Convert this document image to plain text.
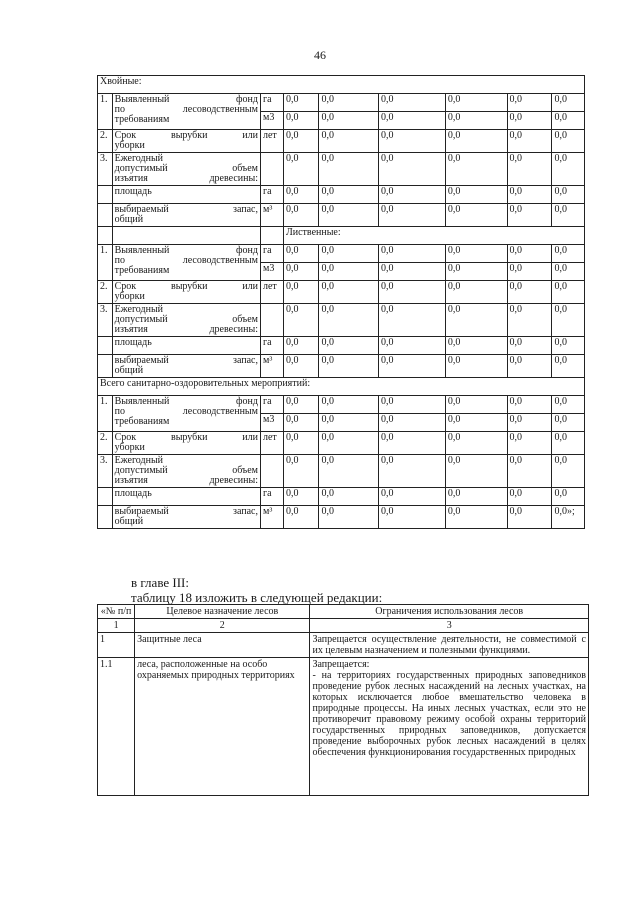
46
Хвойные:								
1.	Выявленный фонд
по лесоводственным
требованиям	га	0,0	0,0	0,0	0,0	0,0	0,0
		м3	0,0	0,0	0,0	0,0	0,0	0,0
2.	Срок вырубки или
уборки	лет	0,0	0,0	0,0	0,0	0,0	0,0
3.	Ежегодный
допустимый объем
изъятия древесины:		0,0	0,0	0,0	0,0	0,0	0,0
	площадь	га	0,0	0,0	0,0	0,0	0,0	0,0

	выбираемый запас,
общий	м³	0,0	0,0	0,0	0,0	0,0	0,0
			Лиственные:					
1.	Выявленный фонд
по лесоводственным
требованиям	га	0,0	0,0	0,0	0,0	0,0	0,0
		м3	0,0	0,0	0,0	0,0	0,0	0,0
2.	Срок вырубки или
уборки	лет	0,0	0,0	0,0	0,0	0,0	0,0
3.	Ежегодный
допустимый объем
изъятия древесины:		0,0	0,0	0,0	0,0	0,0	0,0
	площадь	га	0,0	0,0	0,0	0,0	0,0	0,0

	выбираемый запас,
общий	м³	0,0	0,0	0,0	0,0	0,0	0,0
Всего санитарно-оздоровительных мероприятий:								
1.	Выявленный фонд
по лесоводственным
требованиям	га	0,0	0,0	0,0	0,0	0,0	0,0
		м3	0,0	0,0	0,0	0,0	0,0	0,0
2.	Срок вырубки или
уборки	лет	0,0	0,0	0,0	0,0	0,0	0,0
3.	Ежегодный
допустимый объем
изъятия древесины:		0,0	0,0	0,0	0,0	0,0	0,0
	площадь	га	0,0	0,0	0,0	0,0	0,0	0,0

	выбираемый запас,
общий	м³	0,0	0,0	0,0	0,0	0,0	0,0»;
в главе III:
таблицу 18 изложить в следующей редакции:
«№ п/п	Целевое назначение лесов	Ограничения использования лесов
1	2	3
1	Защитные леса	Запрещается осуществление деятельности, не совместимой с их целевым назначением и полезными функциями.
1.1	леса, расположенные на особо охраняемых природных территориях	Запрещается:
- на территориях государственных природных заповедников проведение рубок лесных насаждений на лесных участках, на которых исключается любое вмешательство человека в природные процессы. На иных лесных участках, если это не противоречит правовому режиму особой охраны территорий государственных природных заповедников, допускается проведение выборочных рубок лесных насаждений в целях обеспечения функционирования государственных природных
